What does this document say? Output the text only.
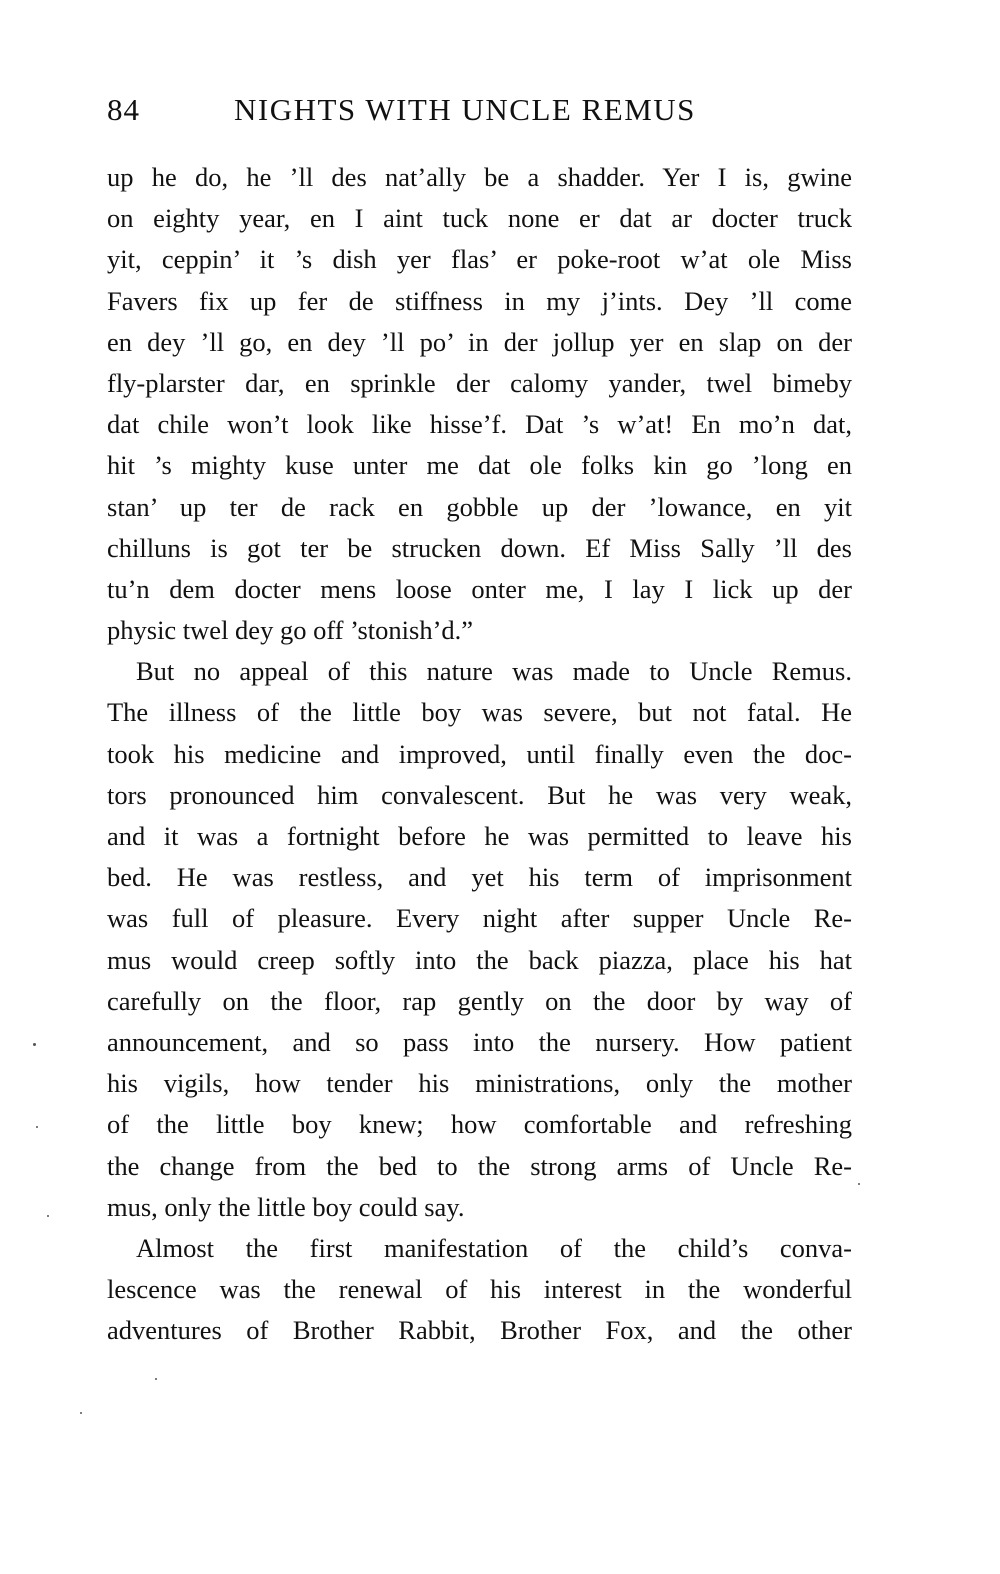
84	NIGHTS WITH UNCLE REMUS
up he do, he ’ll des nat’ally be a shadder. Yer I is, gwine
on eighty year, en I aint tuck none er dat ar docter truck
yit, ceppin’ it ’s dish yer flas’ er poke-root w’at ole Miss
Favers fix up fer de stiffness in my j’ints. Dey ’ll come
en dey ’ll go, en dey ’ll po’ in der jollup yer en slap on der
fly-plarster dar, en sprinkle der calomy yander, twel bimeby
dat chile won’t look like hisse’f. Dat ’s w’at! En mo’n dat,
hit ’s mighty kuse unter me dat ole folks kin go ’long en
stan’ up ter de rack en gobble up der ’lowance, en yit
chilluns is got ter be strucken down. Ef Miss Sally ’ll des
tu’n dem docter mens loose onter me, I lay I lick up der
physic twel dey go off ’stonish’d.”
But no appeal of this nature was made to Uncle Remus.
The illness of the little boy was severe, but not fatal. He
took his medicine and improved, until finally even the doc-
tors pronounced him convalescent. But he was very weak,
and it was a fortnight before he was permitted to leave his
bed. He was restless, and yet his term of imprisonment
was full of pleasure. Every night after supper Uncle Re-
mus would creep softly into the back piazza, place his hat
carefully on the floor, rap gently on the door by way of
announcement, and so pass into the nursery. How patient
his vigils, how tender his ministrations, only the mother
of the little boy knew; how comfortable and refreshing
the change from the bed to the strong arms of Uncle Re-
mus, only the little boy could say.
Almost the first manifestation of the child’s conva-
lescence was the renewal of his interest in the wonderful
adventures of Brother Rabbit, Brother Fox, and the other
